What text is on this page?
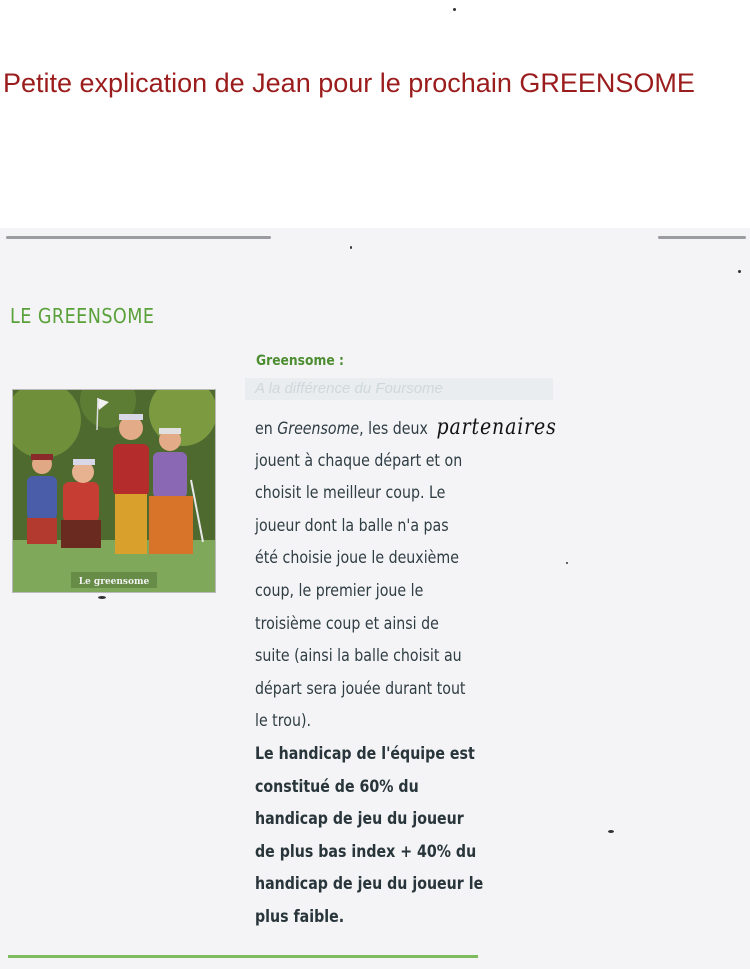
Petite explication de Jean pour le prochain GREENSOME
LE GREENSOME
Greensome :
A la différence du Foursome
Le greensome
en Greensome, les deux partenaires
jouent à chaque départ et on
choisit le meilleur coup. Le
joueur dont la balle n'a pas
été choisie joue le deuxième
coup, le premier joue le
troisième coup et ainsi de
suite (ainsi la balle choisit au
départ sera jouée durant tout
le trou).
Le handicap de l'équipe est
constitué de 60% du
handicap de jeu du joueur
de plus bas index + 40% du
handicap de jeu du joueur le
plus faible.
